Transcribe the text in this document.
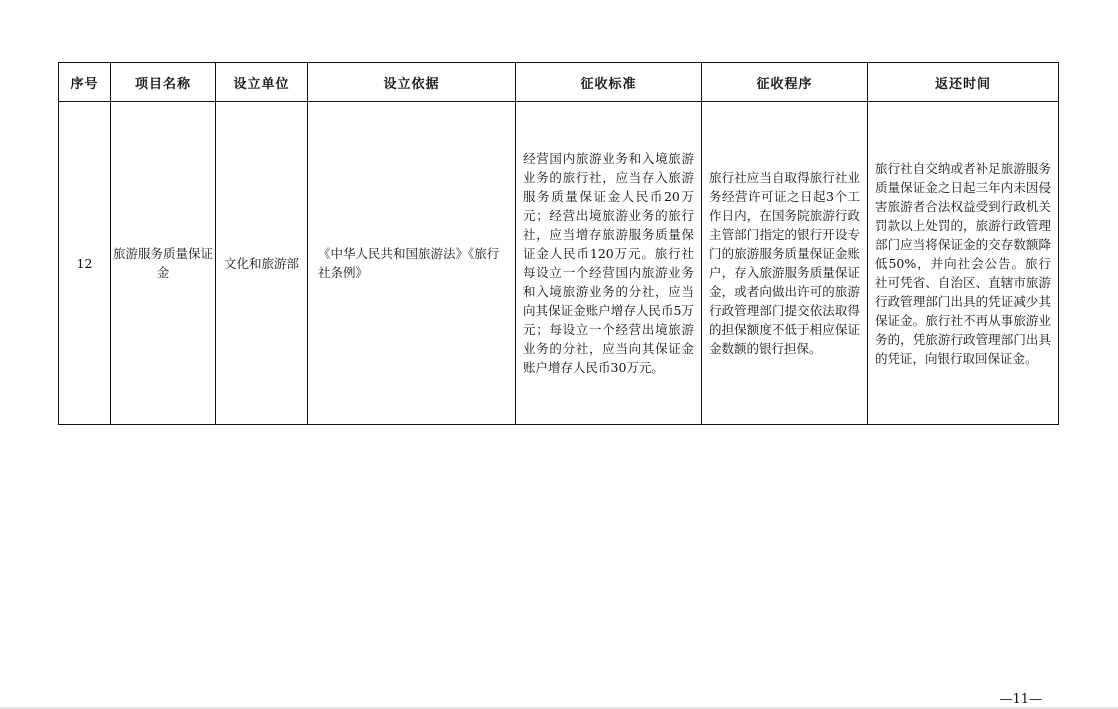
序号	项目名称	设立单位	设立依据	征收标准	征收程序	返还时间
12	旅游服务质量保证金	文化和旅游部	《中华人民共和国旅游法》《旅行社条例》	经营国内旅游业务和入境旅游业务的旅行社，应当存入旅游服务质量保证金人民币20万元；经营出境旅游业务的旅行社，应当增存旅游服务质量保证金人民币120万元。旅行社每设立一个经营国内旅游业务和入境旅游业务的分社，应当向其保证金账户增存人民币5万元；每设立一个经营出境旅游业务的分社，应当向其保证金账户增存人民币30万元。	旅行社应当自取得旅行社业务经营许可证之日起3个工作日内，在国务院旅游行政主管部门指定的银行开设专门的旅游服务质量保证金账户，存入旅游服务质量保证金，或者向做出许可的旅游行政管理部门提交依法取得的担保额度不低于相应保证金数额的银行担保。	旅行社自交纳或者补足旅游服务质量保证金之日起三年内未因侵害旅游者合法权益受到行政机关罚款以上处罚的，旅游行政管理部门应当将保证金的交存数额降低50%，并向社会公告。旅行社可凭省、自治区、直辖市旅游行政管理部门出具的凭证减少其保证金。旅行社不再从事旅游业务的，凭旅游行政管理部门出具的凭证，向银行取回保证金。
—11—
